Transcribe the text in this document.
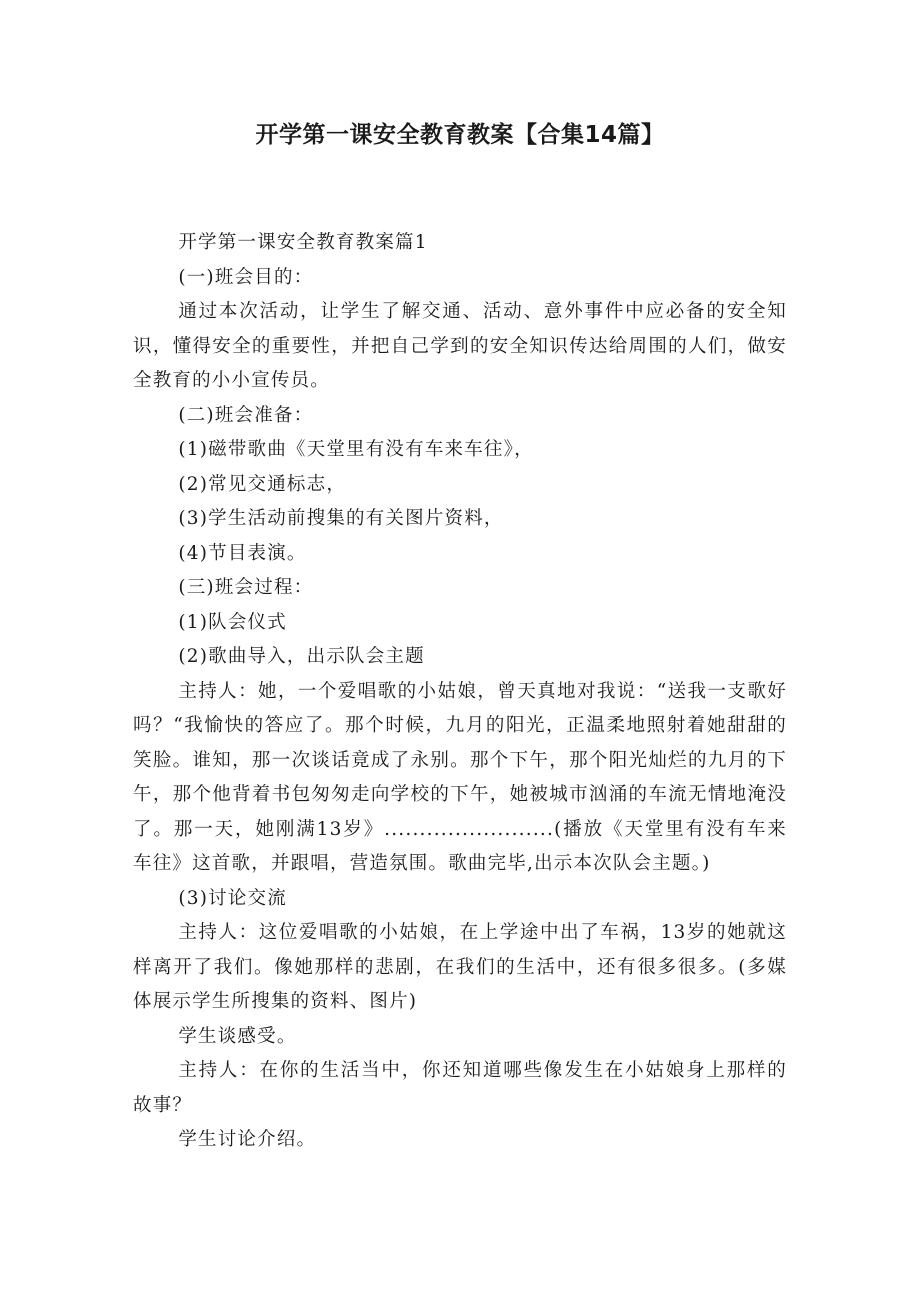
开学第一课安全教育教案【合集14篇】

开学第一课安全教育教案篇1

(一)班会目的：

通过本次活动，让学生了解交通、活动、意外事件中应必备的安全知识，懂得安全的重要性，并把自己学到的安全知识传达给周围的人们，做安全教育的小小宣传员。

(二)班会准备：

(1)磁带歌曲《天堂里有没有车来车往》，

(2)常见交通标志，

(3)学生活动前搜集的有关图片资料，

(4)节目表演。

(三)班会过程：

(1)队会仪式

(2)歌曲导入，出示队会主题

主持人：她，一个爱唱歌的小姑娘，曾天真地对我说：“送我一支歌好吗？“我愉快的答应了。那个时候，九月的阳光，正温柔地照射着她甜甜的笑脸。谁知，那一次谈话竟成了永别。那个下午，那个阳光灿烂的九月的下午，那个他背着书包匆匆走向学校的下午，她被城市汹涌的车流无情地淹没了。那一天，她刚满13岁》........................(播放《天堂里有没有车来车往》这首歌，并跟唱，营造氛围。歌曲完毕,出示本次队会主题。)

(3)讨论交流

主持人：这位爱唱歌的小姑娘，在上学途中出了车祸，13岁的她就这样离开了我们。像她那样的悲剧，在我们的生活中，还有很多很多。(多媒体展示学生所搜集的资料、图片)

学生谈感受。

主持人：在你的生活当中，你还知道哪些像发生在小姑娘身上那样的故事？

学生讨论介绍。
